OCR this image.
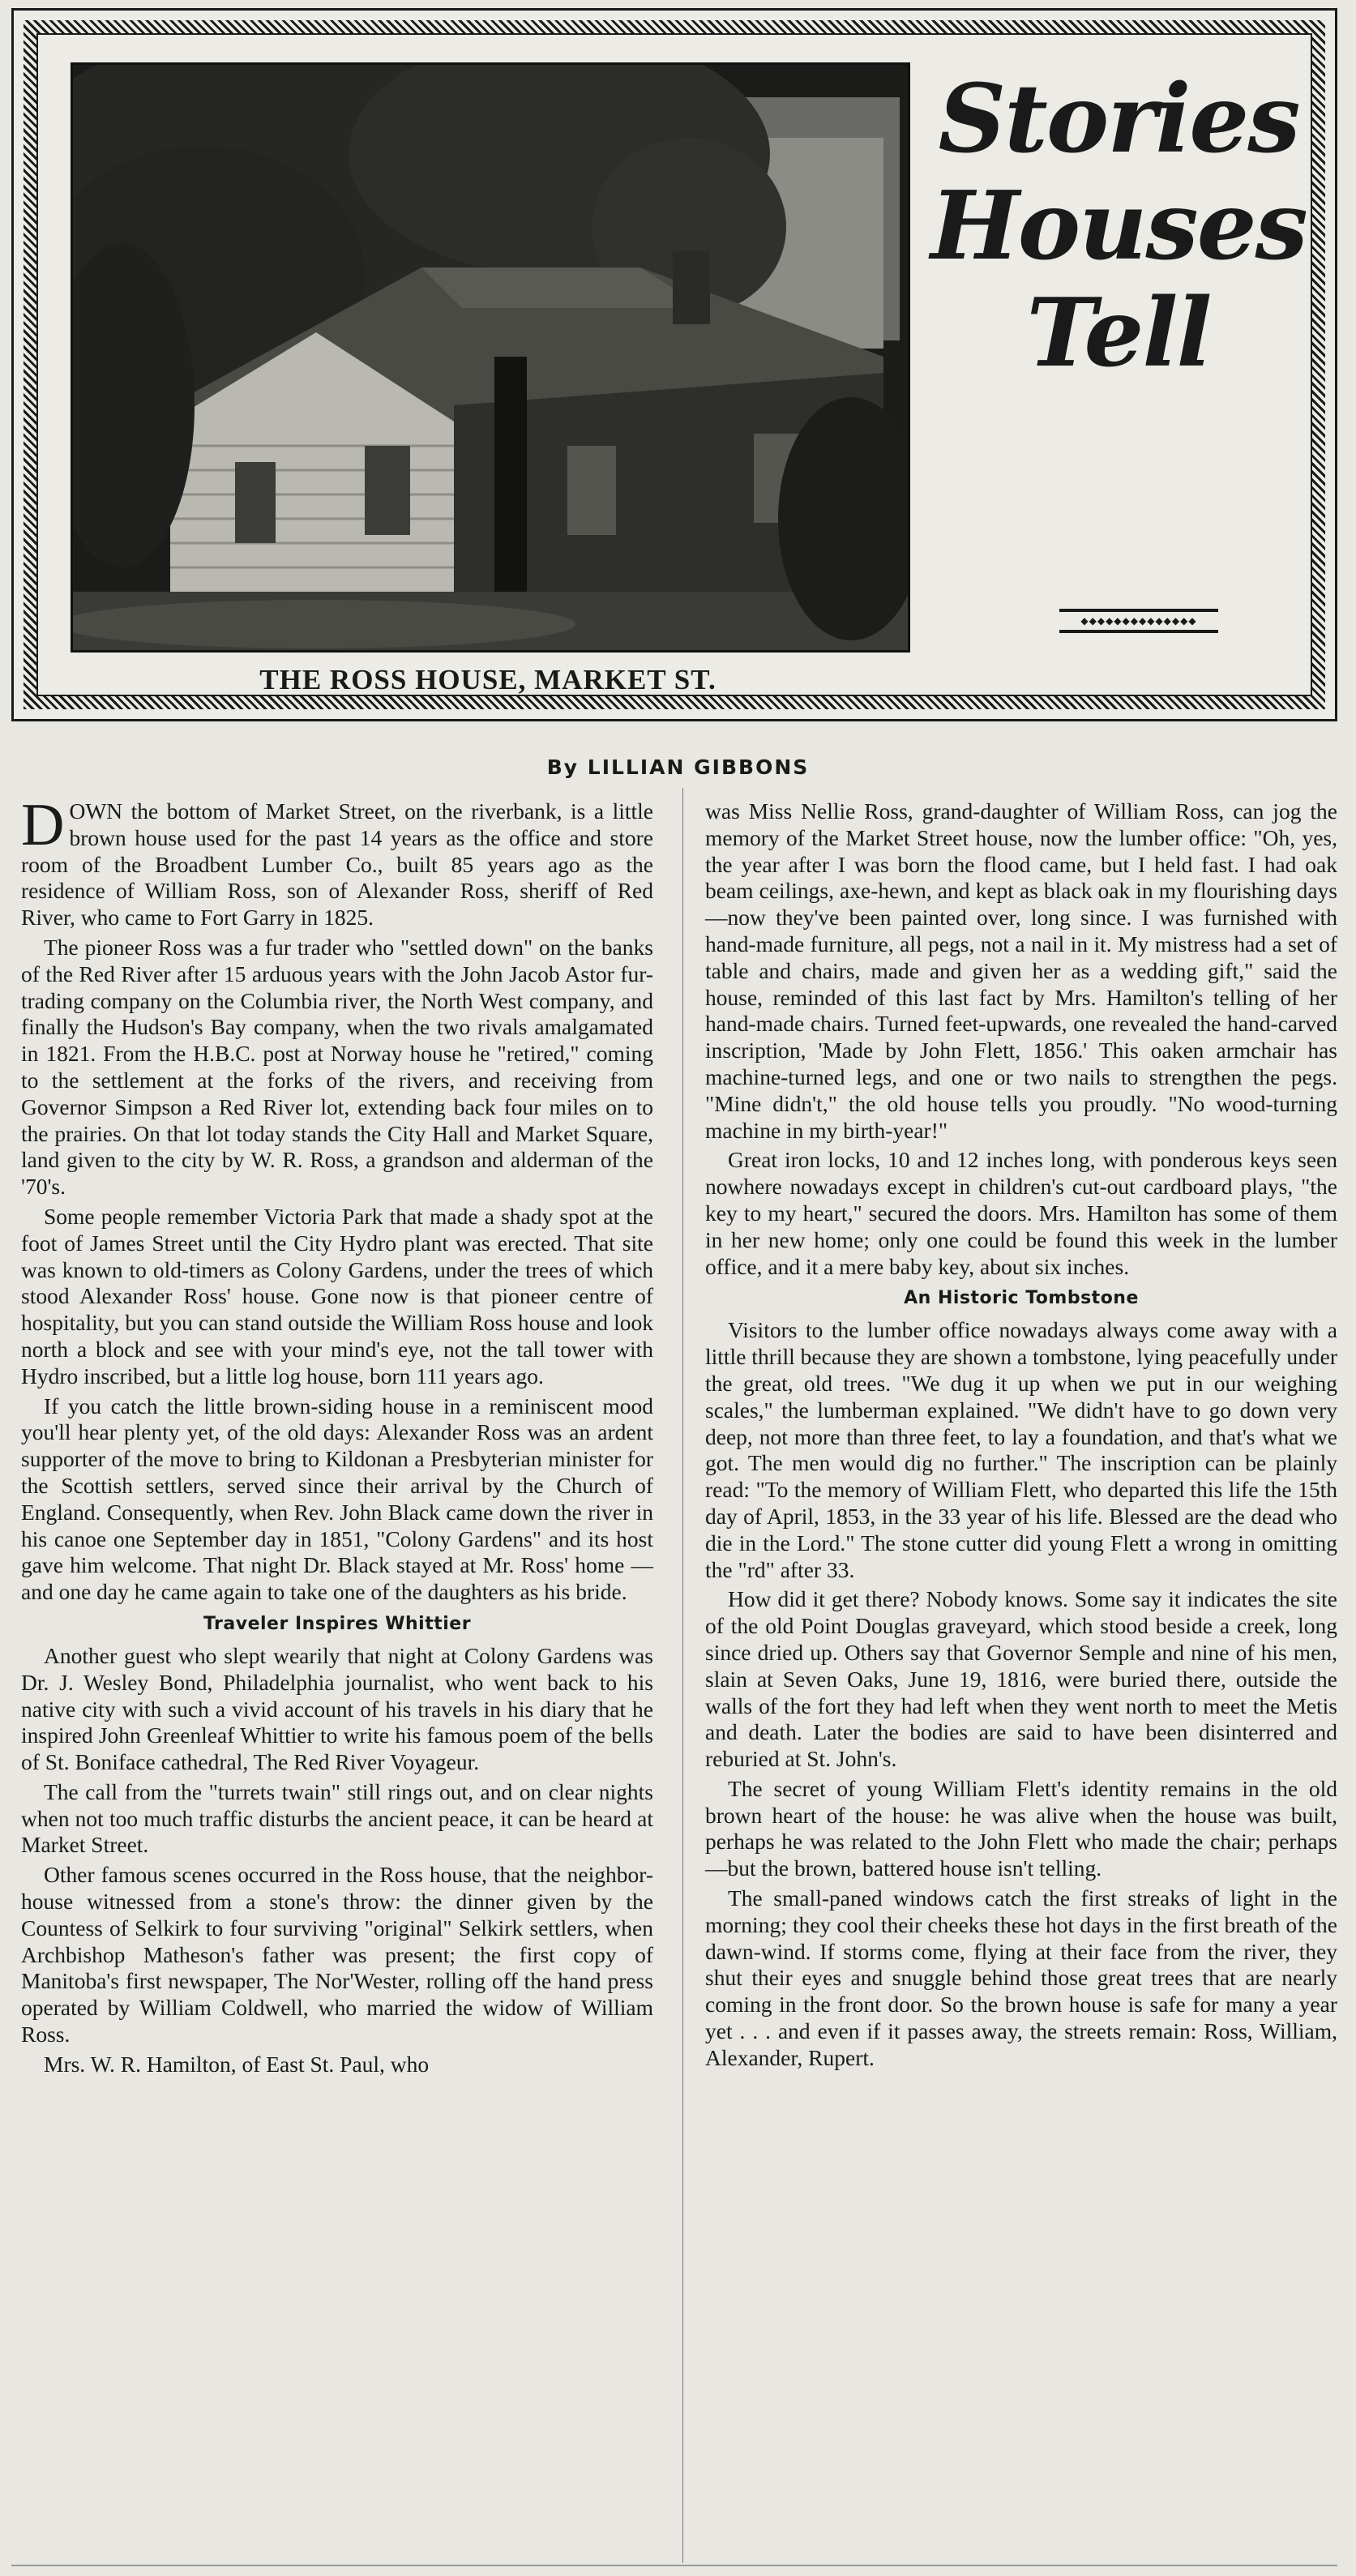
THE ROSS HOUSE, MARKET ST.
Stories
Houses
Tell
◆◆◆◆◆◆◆◆◆◆◆◆◆◆
By LILLIAN GIBBONS

DOWN the bottom of Market Street, on the riverbank, is a little brown house used for the past 14 years as the office and store room of the Broadbent Lumber Co., built 85 years ago as the residence of William Ross, son of Alexander Ross, sheriff of Red River, who came to Fort Garry in 1825.

The pioneer Ross was a fur trader who "settled down" on the banks of the Red River after 15 arduous years with the John Jacob Astor fur-trading company on the Columbia river, the North West company, and finally the Hudson's Bay company, when the two rivals amalgamated in 1821. From the H.B.C. post at Norway house he "retired," coming to the settlement at the forks of the rivers, and receiving from Governor Simpson a Red River lot, extending back four miles on to the prairies. On that lot today stands the City Hall and Market Square, land given to the city by W. R. Ross, a grandson and alderman of the '70's.

Some people remember Victoria Park that made a shady spot at the foot of James Street until the City Hydro plant was erected. That site was known to old-timers as Colony Gardens, under the trees of which stood Alexander Ross' house. Gone now is that pioneer centre of hospitality, but you can stand outside the William Ross house and look north a block and see with your mind's eye, not the tall tower with Hydro inscribed, but a little log house, born 111 years ago.

If you catch the little brown-siding house in a reminiscent mood you'll hear plenty yet, of the old days: Alexander Ross was an ardent supporter of the move to bring to Kildonan a Presbyterian minister for the Scottish settlers, served since their arrival by the Church of England. Consequently, when Rev. John Black came down the river in his canoe one September day in 1851, "Colony Gardens" and its host gave him welcome. That night Dr. Black stayed at Mr. Ross' home — and one day he came again to take one of the daughters as his bride.

Traveler Inspires Whittier

Another guest who slept wearily that night at Colony Gardens was Dr. J. Wesley Bond, Philadelphia journalist, who went back to his native city with such a vivid account of his travels in his diary that he inspired John Greenleaf Whittier to write his famous poem of the bells of St. Boniface cathedral, The Red River Voyageur.

The call from the "turrets twain" still rings out, and on clear nights when not too much traffic disturbs the ancient peace, it can be heard at Market Street.

Other famous scenes occurred in the Ross house, that the neighbor-house witnessed from a stone's throw: the dinner given by the Countess of Selkirk to four surviving "original" Selkirk settlers, when Archbishop Matheson's father was present; the first copy of Manitoba's first newspaper, The Nor'Wester, rolling off the hand press operated by William Coldwell, who married the widow of William Ross.

Mrs. W. R. Hamilton, of East St. Paul, who

was Miss Nellie Ross, grand-daughter of William Ross, can jog the memory of the Market Street house, now the lumber office: "Oh, yes, the year after I was born the flood came, but I held fast. I had oak beam ceilings, axe-hewn, and kept as black oak in my flourishing days—now they've been painted over, long since. I was furnished with hand-made furniture, all pegs, not a nail in it. My mistress had a set of table and chairs, made and given her as a wedding gift," said the house, reminded of this last fact by Mrs. Hamilton's telling of her hand-made chairs. Turned feet-upwards, one revealed the hand-carved inscription, 'Made by John Flett, 1856.' This oaken armchair has machine-turned legs, and one or two nails to strengthen the pegs. "Mine didn't," the old house tells you proudly. "No wood-turning machine in my birth-year!"

Great iron locks, 10 and 12 inches long, with ponderous keys seen nowhere nowadays except in children's cut-out cardboard plays, "the key to my heart," secured the doors. Mrs. Hamilton has some of them in her new home; only one could be found this week in the lumber office, and it a mere baby key, about six inches.

An Historic Tombstone

Visitors to the lumber office nowadays always come away with a little thrill because they are shown a tombstone, lying peacefully under the great, old trees. "We dug it up when we put in our weighing scales," the lumberman explained. "We didn't have to go down very deep, not more than three feet, to lay a foundation, and that's what we got. The men would dig no further." The inscription can be plainly read: "To the memory of William Flett, who departed this life the 15th day of April, 1853, in the 33 year of his life. Blessed are the dead who die in the Lord." The stone cutter did young Flett a wrong in omitting the "rd" after 33.

How did it get there? Nobody knows. Some say it indicates the site of the old Point Douglas graveyard, which stood beside a creek, long since dried up. Others say that Governor Semple and nine of his men, slain at Seven Oaks, June 19, 1816, were buried there, outside the walls of the fort they had left when they went north to meet the Metis and death. Later the bodies are said to have been disinterred and reburied at St. John's.

The secret of young William Flett's identity remains in the old brown heart of the house: he was alive when the house was built, perhaps he was related to the John Flett who made the chair; perhaps—but the brown, battered house isn't telling.

The small-paned windows catch the first streaks of light in the morning; they cool their cheeks these hot days in the first breath of the dawn-wind. If storms come, flying at their face from the river, they shut their eyes and snuggle behind those great trees that are nearly coming in the front door. So the brown house is safe for many a year yet . . . and even if it passes away, the streets remain: Ross, William, Alexander, Rupert.
